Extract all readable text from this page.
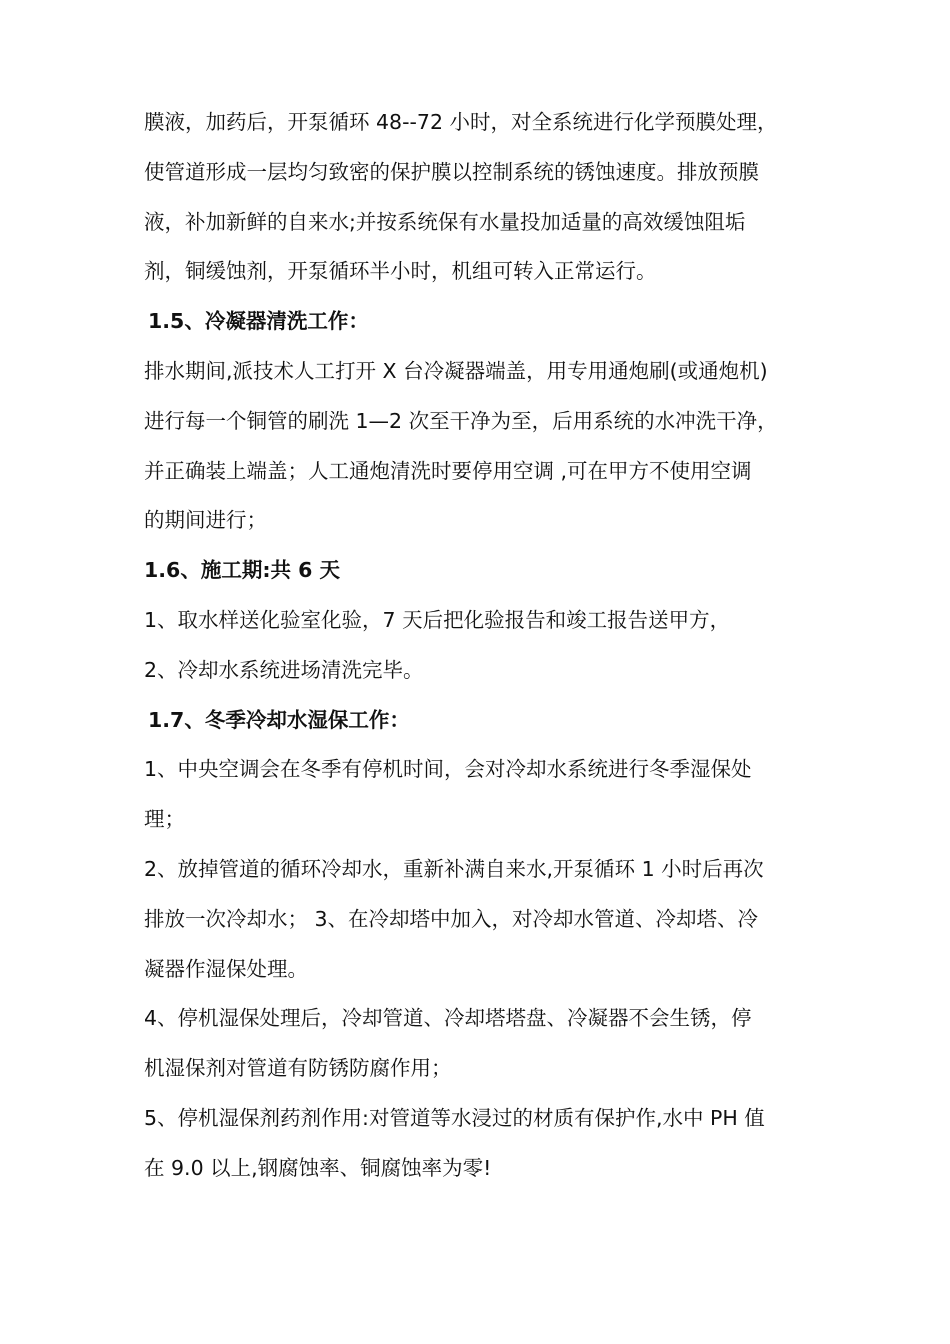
膜液，加药后，开泵循环 48--72 小时，对全系统进行化学预膜处理，
使管道形成一层均匀致密的保护膜以控制系统的锈蚀速度。排放预膜
液，补加新鲜的自来水;并按系统保有水量投加适量的高效缓蚀阻垢
剂，铜缓蚀剂，开泵循环半小时，机组可转入正常运行。
1.5、冷凝器清洗工作：
排水期间,派技术人工打开 X 台冷凝器端盖，用专用通炮刷(或通炮机)
进行每一个铜管的刷洗 1—2 次至干净为至，后用系统的水冲洗干净，
并正确装上端盖；人工通炮清洗时要停用空调 ,可在甲方不使用空调
的期间进行；
1.6、施工期:共 6 天
1、取水样送化验室化验，7 天后把化验报告和竣工报告送甲方，
2、冷却水系统进场清洗完毕。
1.7、冬季冷却水湿保工作：
1、中央空调会在冬季有停机时间，会对冷却水系统进行冬季湿保处
理；
2、放掉管道的循环冷却水，重新补满自来水,开泵循环 1 小时后再次
排放一次冷却水； 3、在冷却塔中加入，对冷却水管道、冷却塔、冷
凝器作湿保处理。
4、停机湿保处理后，冷却管道、冷却塔塔盘、冷凝器不会生锈，停
机湿保剂对管道有防锈防腐作用；
5、停机湿保剂药剂作用:对管道等水浸过的材质有保护作,水中 PH 值
在 9.0 以上,钢腐蚀率、铜腐蚀率为零!
